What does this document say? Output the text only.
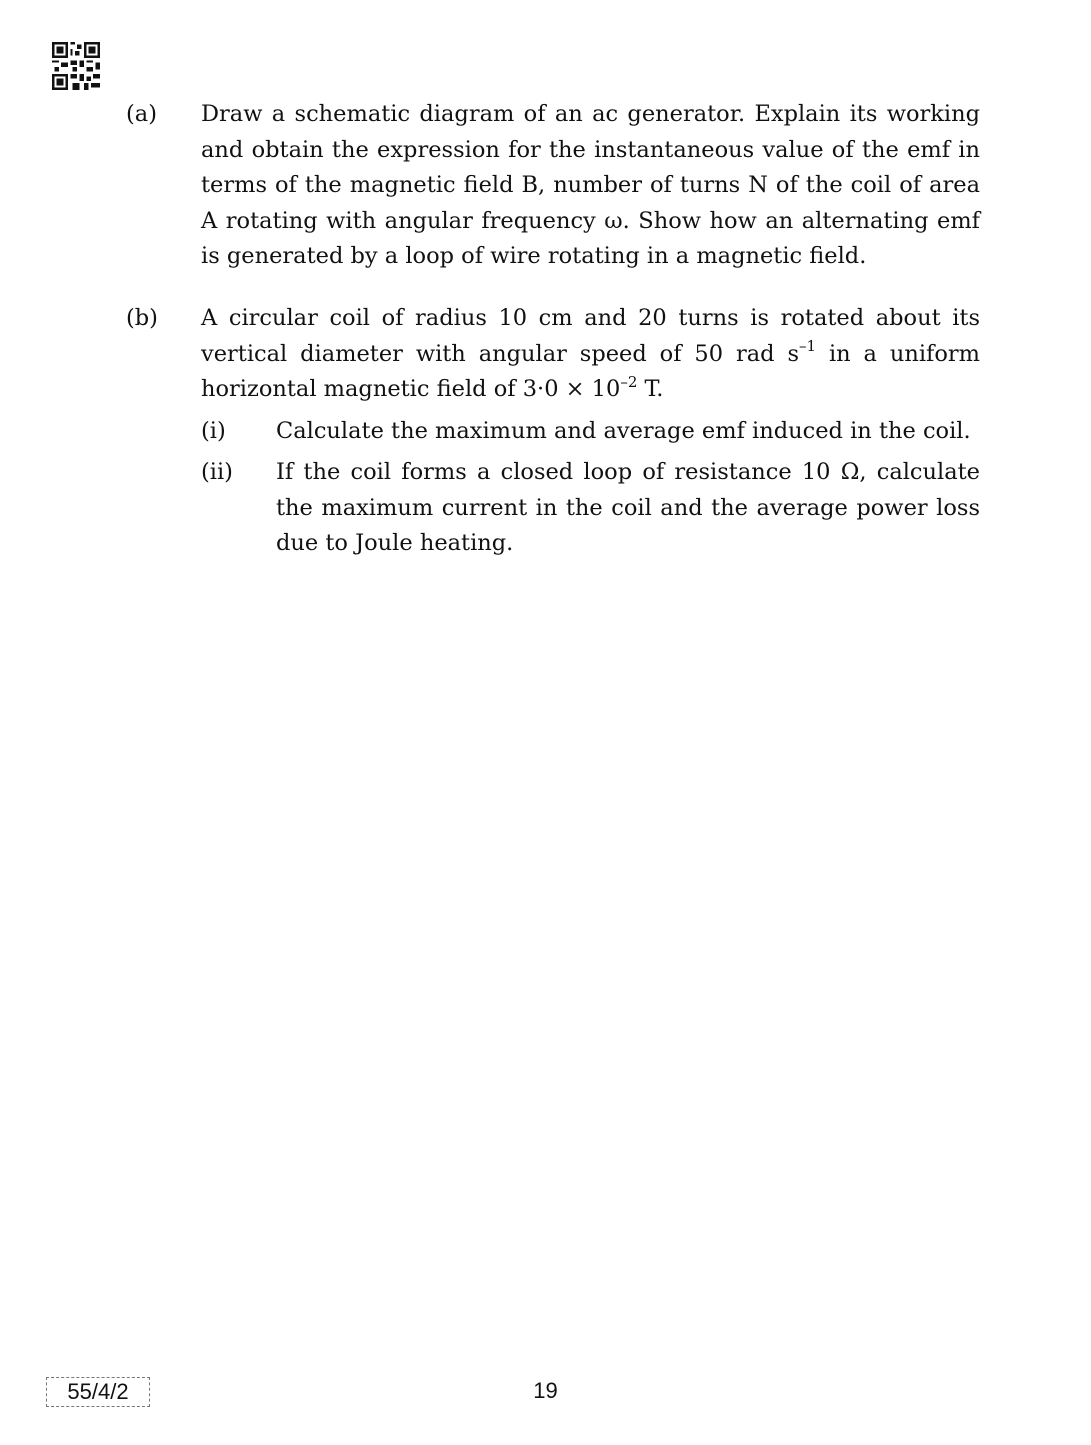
(a) Draw a schematic diagram of an ac generator. Explain its working and obtain the expression for the instantaneous value of the emf in terms of the magnetic field B, number of turns N of the coil of area A rotating with angular frequency ω. Show how an alternating emf is generated by a loop of wire rotating in a magnetic field.
(b) A circular coil of radius 10 cm and 20 turns is rotated about its vertical diameter with angular speed of 50 rad $s^{-1}$ in a uniform horizontal magnetic field of $3\cdot 0 \times 10^{-2}$ T.
(i) Calculate the maximum and average emf induced in the coil.
(ii) If the coil forms a closed loop of resistance 10 Ω, calculate the maximum current in the coil and the average power loss due to Joule heating.
55/4/2	19
